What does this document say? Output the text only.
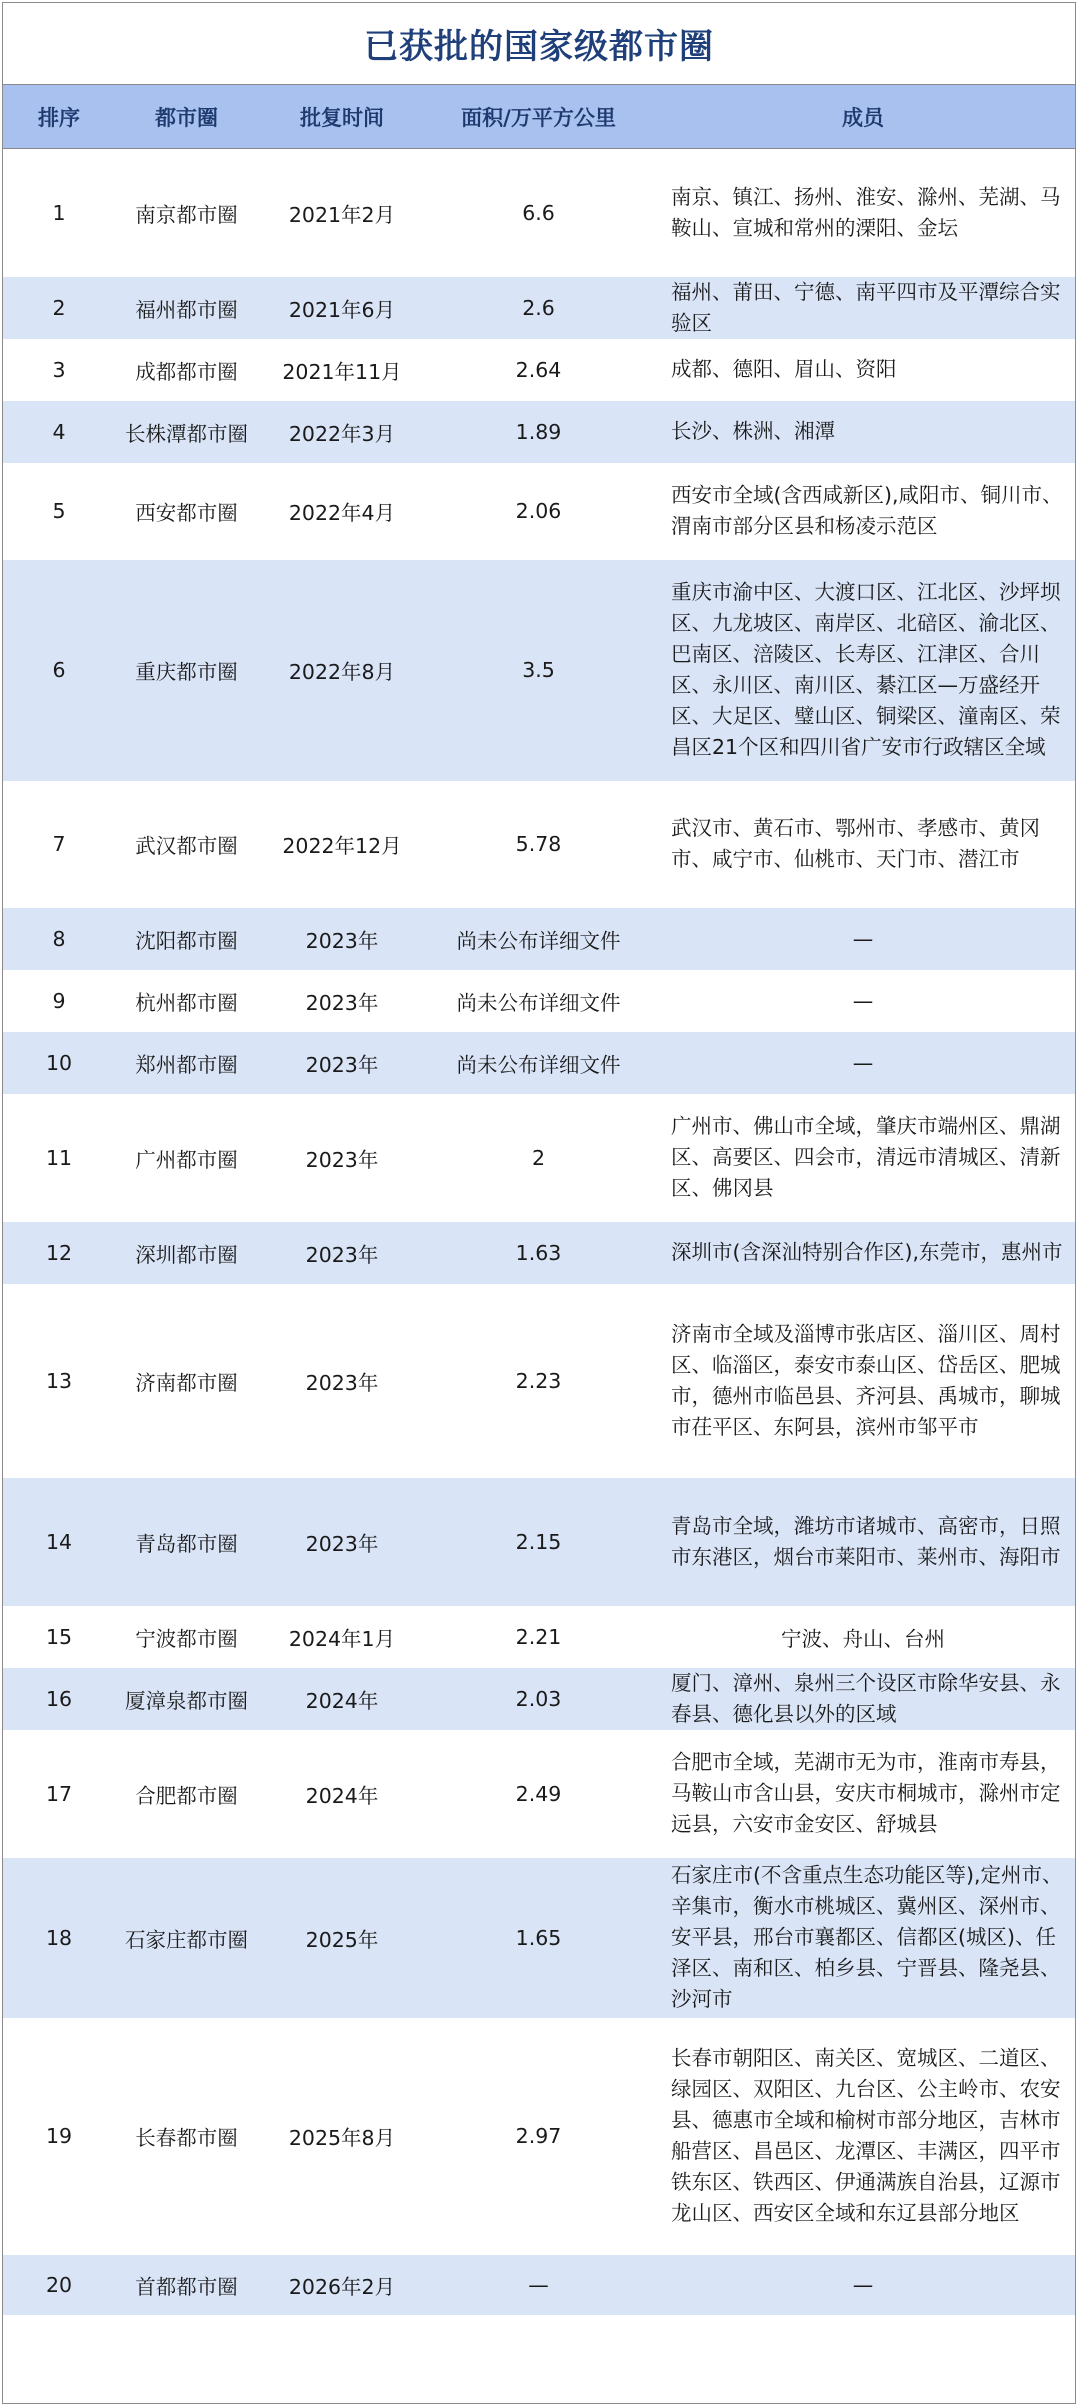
已获批的国家级都市圈
排序	都市圈	批复时间	面积/万平方公里	成员
1	南京都市圈	2021年2月	6.6	南京、镇江、扬州、淮安、滁州、芜湖、马鞍山、宣城和常州的溧阳、金坛
2	福州都市圈	2021年6月	2.6	福州、莆田、宁德、南平四市及平潭综合实验区
3	成都都市圈	2021年11月	2.64	成都、德阳、眉山、资阳
4	长株潭都市圈	2022年3月	1.89	长沙、株洲、湘潭
5	西安都市圈	2022年4月	2.06	西安市全域(含西咸新区),咸阳市、铜川市、渭南市部分区县和杨凌示范区
6	重庆都市圈	2022年8月	3.5	重庆市渝中区、大渡口区、江北区、沙坪坝区、九龙坡区、南岸区、北碚区、渝北区、巴南区、涪陵区、长寿区、江津区、合川区、永川区、南川区、綦江区—万盛经开区、大足区、璧山区、铜梁区、潼南区、荣昌区21个区和四川省广安市行政辖区全域
7	武汉都市圈	2022年12月	5.78	武汉市、黄石市、鄂州市、孝感市、黄冈市、咸宁市、仙桃市、天门市、潜江市
8	沈阳都市圈	2023年	尚未公布详细文件	—
9	杭州都市圈	2023年	尚未公布详细文件	—
10	郑州都市圈	2023年	尚未公布详细文件	—
11	广州都市圈	2023年	2	广州市、佛山市全域，肇庆市端州区、鼎湖区、高要区、四会市，清远市清城区、清新区、佛冈县
12	深圳都市圈	2023年	1.63	深圳市(含深汕特别合作区),东莞市，惠州市
13	济南都市圈	2023年	2.23	济南市全域及淄博市张店区、淄川区、周村区、临淄区，泰安市泰山区、岱岳区、肥城市，德州市临邑县、齐河县、禹城市，聊城市茌平区、东阿县，滨州市邹平市
14	青岛都市圈	2023年	2.15	青岛市全域，潍坊市诸城市、高密市，日照市东港区，烟台市莱阳市、莱州市、海阳市
15	宁波都市圈	2024年1月	2.21	宁波、舟山、台州
16	厦漳泉都市圈	2024年	2.03	厦门、漳州、泉州三个设区市除华安县、永春县、德化县以外的区域
17	合肥都市圈	2024年	2.49	合肥市全域，芜湖市无为市，淮南市寿县，马鞍山市含山县，安庆市桐城市，滁州市定远县，六安市金安区、舒城县
18	石家庄都市圈	2025年	1.65	石家庄市(不含重点生态功能区等),定州市、辛集市，衡水市桃城区、冀州区、深州市、安平县，邢台市襄都区、信都区(城区)、任泽区、南和区、柏乡县、宁晋县、隆尧县、沙河市
19	长春都市圈	2025年8月	2.97	长春市朝阳区、南关区、宽城区、二道区、绿园区、双阳区、九台区、公主岭市、农安县、德惠市全域和榆树市部分地区，吉林市船营区、昌邑区、龙潭区、丰满区，四平市铁东区、铁西区、伊通满族自治县，辽源市龙山区、西安区全域和东辽县部分地区
20	首都都市圈	2026年2月	—	—
